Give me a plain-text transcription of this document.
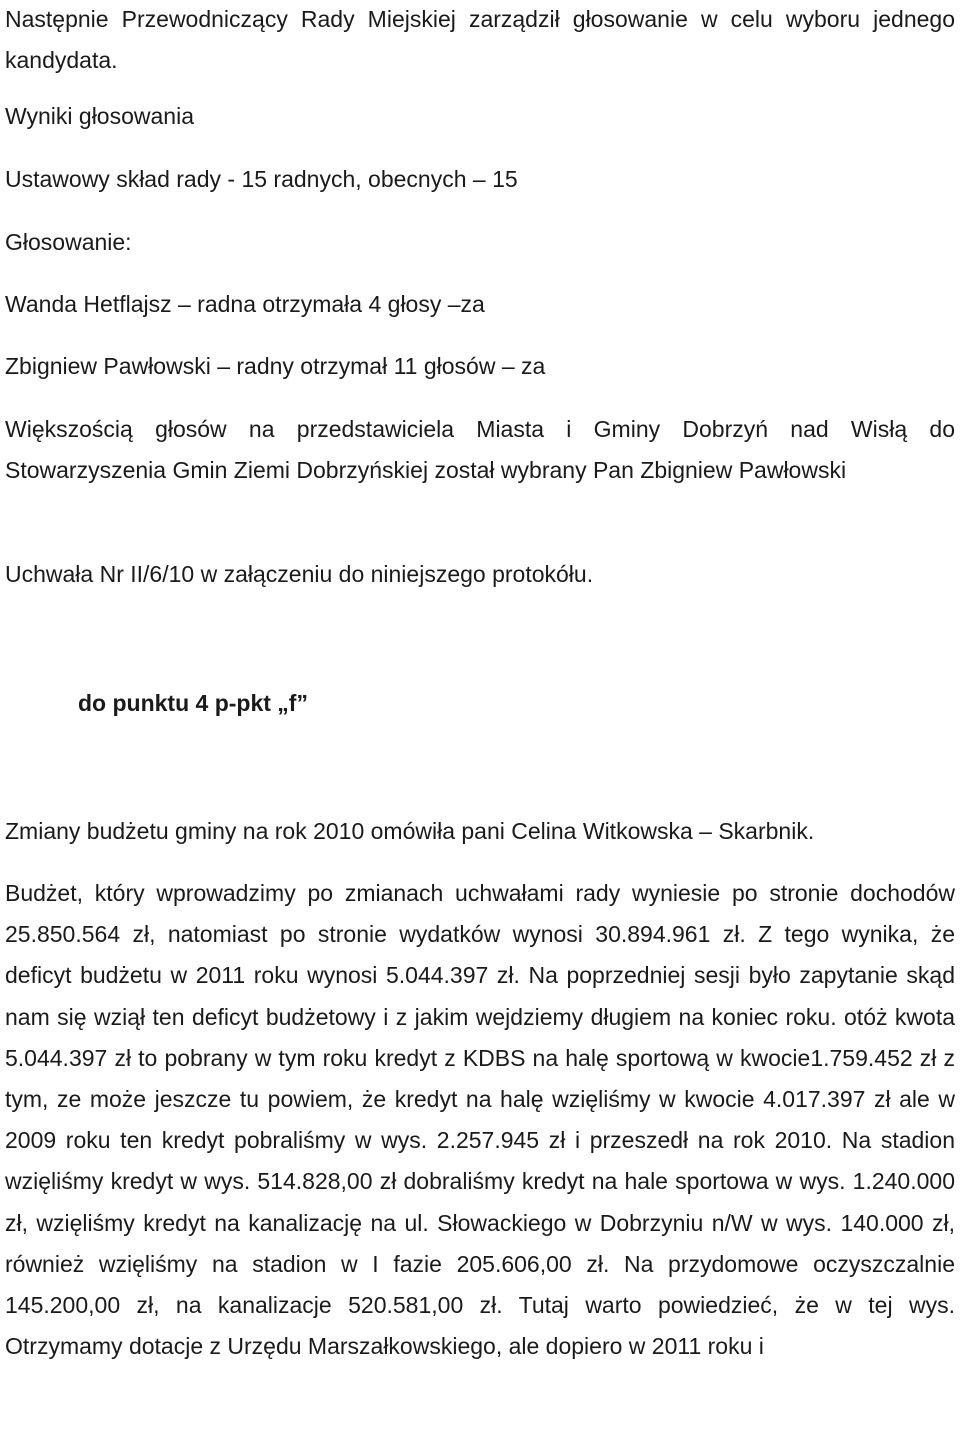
Następnie Przewodniczący Rady Miejskiej zarządził głosowanie w celu wyboru jednego kandydata.

Wyniki głosowania

Ustawowy skład rady - 15 radnych, obecnych – 15

Głosowanie:

Wanda Hetflajsz – radna otrzymała 4 głosy –za

Zbigniew Pawłowski – radny otrzymał 11 głosów – za

Większością głosów na przedstawiciela Miasta i Gminy Dobrzyń nad Wisłą do Stowarzyszenia Gmin Ziemi Dobrzyńskiej został wybrany Pan Zbigniew Pawłowski

Uchwała Nr II/6/10 w załączeniu do niniejszego protokółu.

do punktu 4 p-pkt „f”

Zmiany budżetu gminy na rok 2010 omówiła pani Celina Witkowska – Skarbnik.

Budżet, który wprowadzimy po zmianach uchwałami rady wyniesie po stronie dochodów 25.850.564 zł, natomiast po stronie wydatków wynosi 30.894.961 zł. Z tego wynika, że deficyt budżetu w 2011 roku wynosi 5.044.397 zł. Na poprzedniej sesji było zapytanie skąd nam się wziął ten deficyt budżetowy i z jakim wejdziemy długiem na koniec roku. otóż kwota 5.044.397 zł to pobrany w tym roku kredyt z KDBS na halę sportową w kwocie1.759.452 zł z tym, ze może jeszcze tu powiem, że kredyt na halę wzięliśmy w kwocie 4.017.397 zł ale w 2009 roku ten kredyt pobraliśmy w wys. 2.257.945 zł i przeszedł na rok 2010. Na stadion wzięliśmy kredyt w wys. 514.828,00 zł dobraliśmy kredyt na hale sportowa w wys. 1.240.000 zł, wzięliśmy kredyt na kanalizację na ul. Słowackiego w Dobrzyniu n/W w wys. 140.000 zł, również wzięliśmy na stadion w I fazie 205.606,00 zł. Na przydomowe oczyszczalnie 145.200,00 zł, na kanalizacje 520.581,00 zł. Tutaj warto powiedzieć, że w tej wys. Otrzymamy dotacje z Urzędu Marszałkowskiego, ale dopiero w 2011 roku i
